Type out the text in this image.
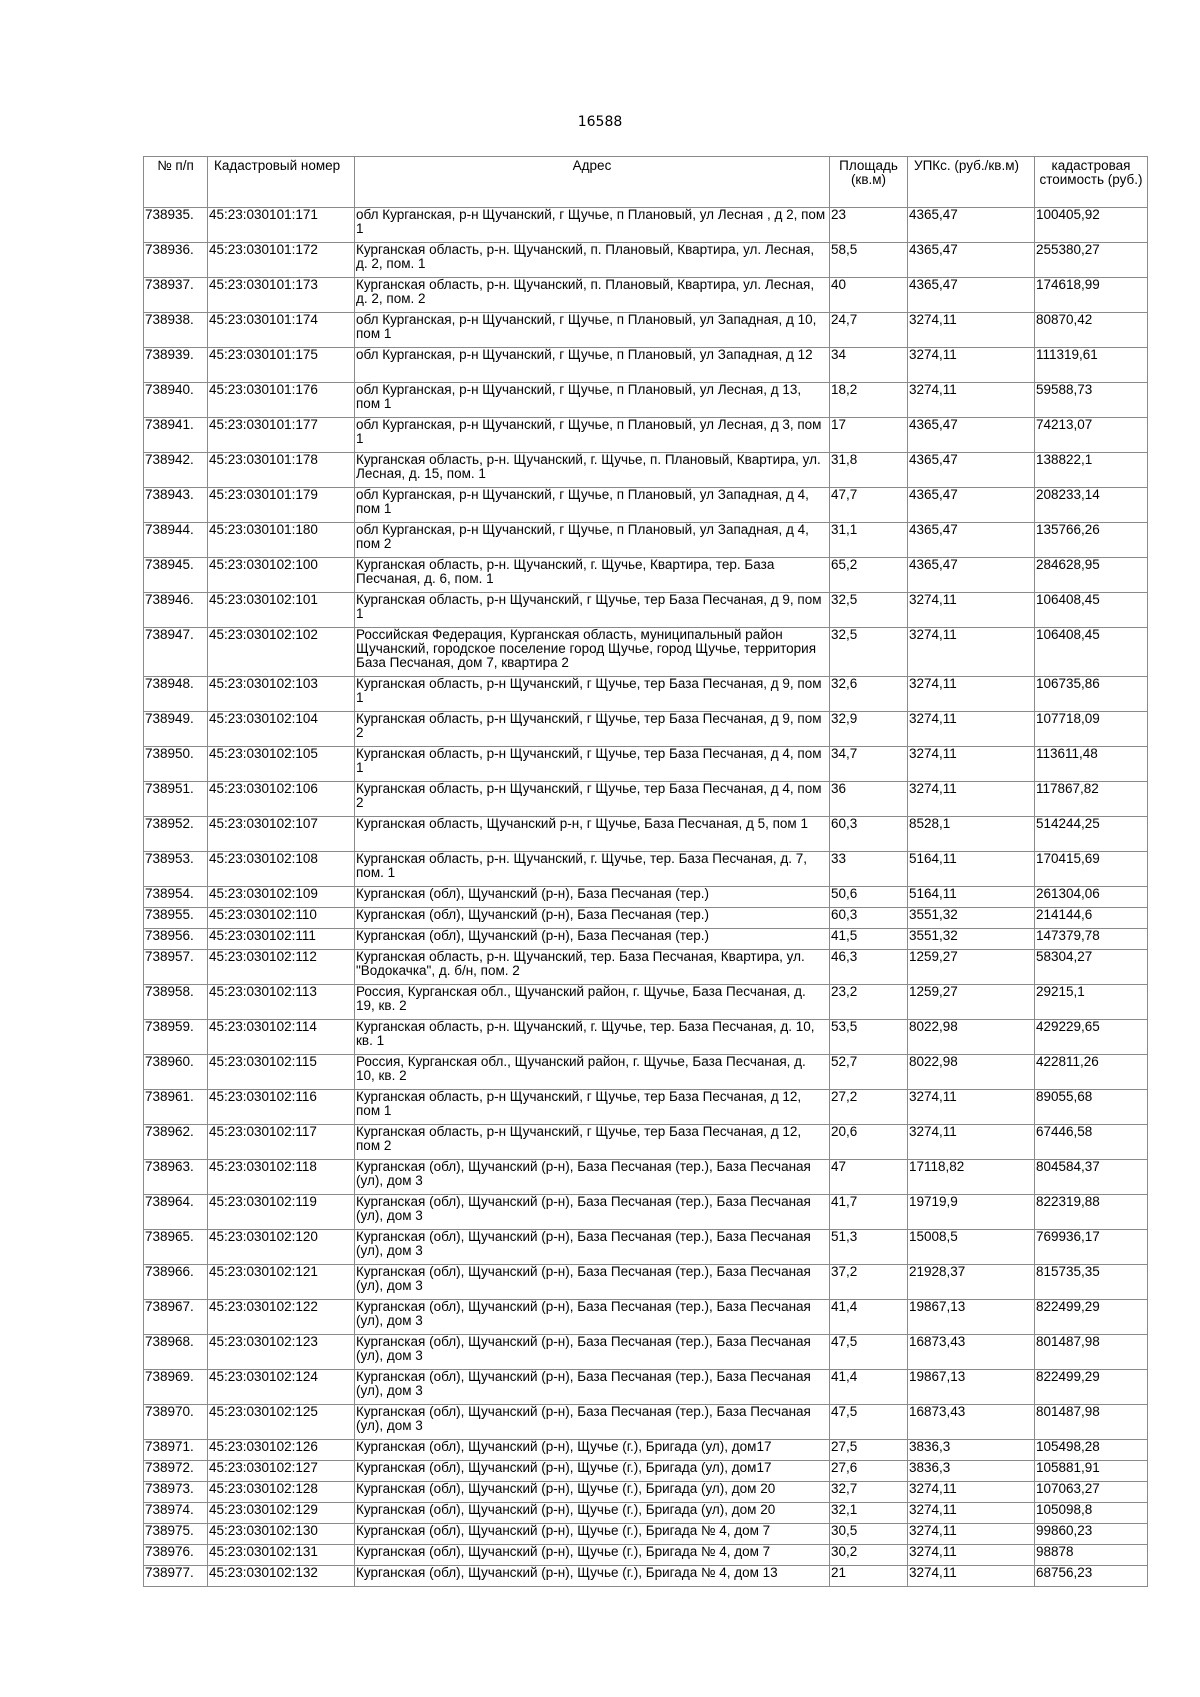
16588
№ п/п	Кадастровый номер	Адрес	Площадь (кв.м)	УПКс. (руб./кв.м)	кадастровая стоимость (руб.)
738935.	45:23:030101:171	обл Курганская, р-н Щучанский, г Щучье, п Плановый, ул Лесная , д 2, пом 1	23	4365,47	100405,92
738936.	45:23:030101:172	Курганская область, р-н. Щучанский, п. Плановый, Квартира, ул. Лесная, д. 2, пом. 1	58,5	4365,47	255380,27
738937.	45:23:030101:173	Курганская область, р-н. Щучанский, п. Плановый, Квартира, ул. Лесная, д. 2, пом. 2	40	4365,47	174618,99
738938.	45:23:030101:174	обл Курганская, р-н Щучанский, г Щучье, п Плановый, ул Западная, д 10, пом 1	24,7	3274,11	80870,42
738939.	45:23:030101:175	обл Курганская, р-н Щучанский, г Щучье, п Плановый, ул Западная, д 12	34	3274,11	111319,61
738940.	45:23:030101:176	обл Курганская, р-н Щучанский, г Щучье, п Плановый, ул Лесная, д 13, пом 1	18,2	3274,11	59588,73
738941.	45:23:030101:177	обл Курганская, р-н Щучанский, г Щучье, п Плановый, ул Лесная, д 3, пом 1	17	4365,47	74213,07
738942.	45:23:030101:178	Курганская область, р-н. Щучанский, г. Щучье, п. Плановый, Квартира, ул. Лесная, д. 15, пом. 1	31,8	4365,47	138822,1
738943.	45:23:030101:179	обл Курганская, р-н Щучанский, г Щучье, п Плановый, ул Западная, д 4, пом 1	47,7	4365,47	208233,14
738944.	45:23:030101:180	обл Курганская, р-н Щучанский, г Щучье, п Плановый, ул Западная, д 4, пом 2	31,1	4365,47	135766,26
738945.	45:23:030102:100	Курганская область, р-н. Щучанский, г. Щучье, Квартира, тер. База Песчаная, д. 6, пом. 1	65,2	4365,47	284628,95
738946.	45:23:030102:101	Курганская область, р-н Щучанский, г Щучье, тер База Песчаная, д 9, пом 1	32,5	3274,11	106408,45
738947.	45:23:030102:102	Российская Федерация, Курганская область, муниципальный район Щучанский, городское поселение город Щучье, город Щучье, территория База Песчаная, дом 7, квартира 2	32,5	3274,11	106408,45
738948.	45:23:030102:103	Курганская область, р-н Щучанский, г Щучье, тер База Песчаная, д 9, пом 1	32,6	3274,11	106735,86
738949.	45:23:030102:104	Курганская область, р-н Щучанский, г Щучье, тер База Песчаная, д 9, пом 2	32,9	3274,11	107718,09
738950.	45:23:030102:105	Курганская область, р-н Щучанский, г Щучье, тер База Песчаная, д 4, пом 1	34,7	3274,11	113611,48
738951.	45:23:030102:106	Курганская область, р-н Щучанский, г Щучье, тер База Песчаная, д 4, пом 2	36	3274,11	117867,82
738952.	45:23:030102:107	Курганская область, Щучанский р-н, г Щучье, База Песчаная, д 5, пом 1	60,3	8528,1	514244,25
738953.	45:23:030102:108	Курганская область, р-н. Щучанский, г. Щучье, тер. База Песчаная, д. 7, пом. 1	33	5164,11	170415,69
738954.	45:23:030102:109	Курганская (обл), Щучанский (р-н), База Песчаная (тер.)	50,6	5164,11	261304,06
738955.	45:23:030102:110	Курганская (обл), Щучанский (р-н), База Песчаная (тер.)	60,3	3551,32	214144,6
738956.	45:23:030102:111	Курганская (обл), Щучанский (р-н), База Песчаная (тер.)	41,5	3551,32	147379,78
738957.	45:23:030102:112	Курганская область, р-н. Щучанский, тер. База Песчаная, Квартира, ул. "Водокачка", д. б/н, пом. 2	46,3	1259,27	58304,27
738958.	45:23:030102:113	Россия, Курганская обл., Щучанский район, г. Щучье, База Песчаная, д. 19, кв. 2	23,2	1259,27	29215,1
738959.	45:23:030102:114	Курганская область, р-н. Щучанский, г. Щучье, тер. База Песчаная, д. 10, кв. 1	53,5	8022,98	429229,65
738960.	45:23:030102:115	Россия, Курганская обл., Щучанский район, г. Щучье, База Песчаная, д. 10, кв. 2	52,7	8022,98	422811,26
738961.	45:23:030102:116	Курганская область, р-н Щучанский, г Щучье, тер База Песчаная, д 12, пом 1	27,2	3274,11	89055,68
738962.	45:23:030102:117	Курганская область, р-н Щучанский, г Щучье, тер База Песчаная, д 12, пом 2	20,6	3274,11	67446,58
738963.	45:23:030102:118	Курганская (обл), Щучанский (р-н), База Песчаная (тер.), База Песчаная (ул), дом 3	47	17118,82	804584,37
738964.	45:23:030102:119	Курганская (обл), Щучанский (р-н), База Песчаная (тер.), База Песчаная (ул), дом 3	41,7	19719,9	822319,88
738965.	45:23:030102:120	Курганская (обл), Щучанский (р-н), База Песчаная (тер.), База Песчаная (ул), дом 3	51,3	15008,5	769936,17
738966.	45:23:030102:121	Курганская (обл), Щучанский (р-н), База Песчаная (тер.), База Песчаная (ул), дом 3	37,2	21928,37	815735,35
738967.	45:23:030102:122	Курганская (обл), Щучанский (р-н), База Песчаная (тер.), База Песчаная (ул), дом 3	41,4	19867,13	822499,29
738968.	45:23:030102:123	Курганская (обл), Щучанский (р-н), База Песчаная (тер.), База Песчаная (ул), дом 3	47,5	16873,43	801487,98
738969.	45:23:030102:124	Курганская (обл), Щучанский (р-н), База Песчаная (тер.), База Песчаная (ул), дом 3	41,4	19867,13	822499,29
738970.	45:23:030102:125	Курганская (обл), Щучанский (р-н), База Песчаная (тер.), База Песчаная (ул), дом 3	47,5	16873,43	801487,98
738971.	45:23:030102:126	Курганская (обл), Щучанский (р-н), Щучье (г.), Бригада (ул), дом17	27,5	3836,3	105498,28
738972.	45:23:030102:127	Курганская (обл), Щучанский (р-н), Щучье (г.), Бригада (ул), дом17	27,6	3836,3	105881,91
738973.	45:23:030102:128	Курганская (обл), Щучанский (р-н), Щучье (г.), Бригада (ул), дом 20	32,7	3274,11	107063,27
738974.	45:23:030102:129	Курганская (обл), Щучанский (р-н), Щучье (г.), Бригада (ул), дом 20	32,1	3274,11	105098,8
738975.	45:23:030102:130	Курганская (обл), Щучанский (р-н), Щучье (г.), Бригада № 4, дом 7	30,5	3274,11	99860,23
738976.	45:23:030102:131	Курганская (обл), Щучанский (р-н), Щучье (г.), Бригада № 4, дом 7	30,2	3274,11	98878
738977.	45:23:030102:132	Курганская (обл), Щучанский (р-н), Щучье (г.), Бригада № 4, дом 13	21	3274,11	68756,23
